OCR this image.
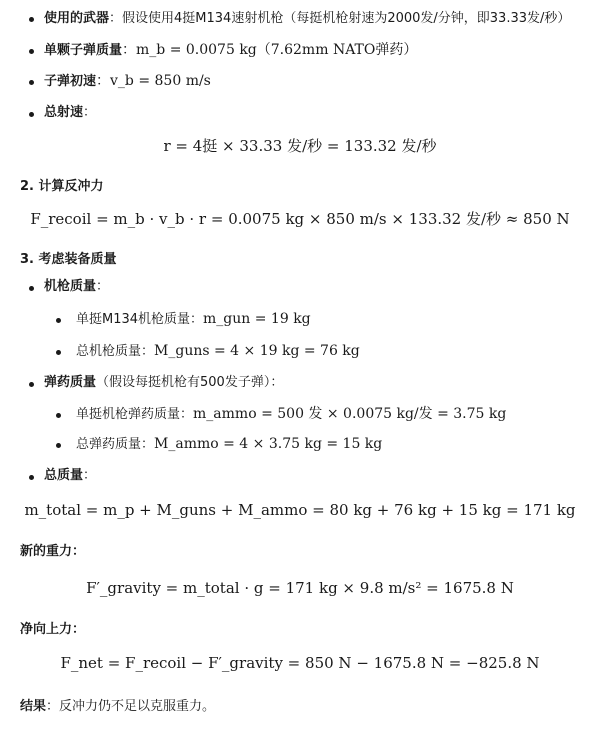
使用的武器：假设使用4挺M134速射机枪（每挺机枪射速为2000发/分钟，即33.33发/秒）
单颗子弹质量：m_b = 0.0075 kg（7.62mm NATO弹药）
子弹初速：v_b = 850 m/s
总射速：
r = 4挺 × 33.33 发/秒 = 133.32 发/秒
2. 计算反冲力
F_recoil = m_b · v_b · r = 0.0075 kg × 850 m/s × 133.32 发/秒 ≈ 850 N
3. 考虑装备质量
机枪质量：
单挺M134机枪质量：m_gun = 19 kg
总机枪质量：M_guns = 4 × 19 kg = 76 kg
弹药质量（假设每挺机枪有500发子弹）：
单挺机枪弹药质量：m_ammo = 500 发 × 0.0075 kg/发 = 3.75 kg
总弹药质量：M_ammo = 4 × 3.75 kg = 15 kg
总质量：
m_total = m_p + M_guns + M_ammo = 80 kg + 76 kg + 15 kg = 171 kg
新的重力：
F′_gravity = m_total · g = 171 kg × 9.8 m/s² = 1675.8 N
净向上力：
F_net = F_recoil − F′_gravity = 850 N − 1675.8 N = −825.8 N
结果：反冲力仍不足以克服重力。
